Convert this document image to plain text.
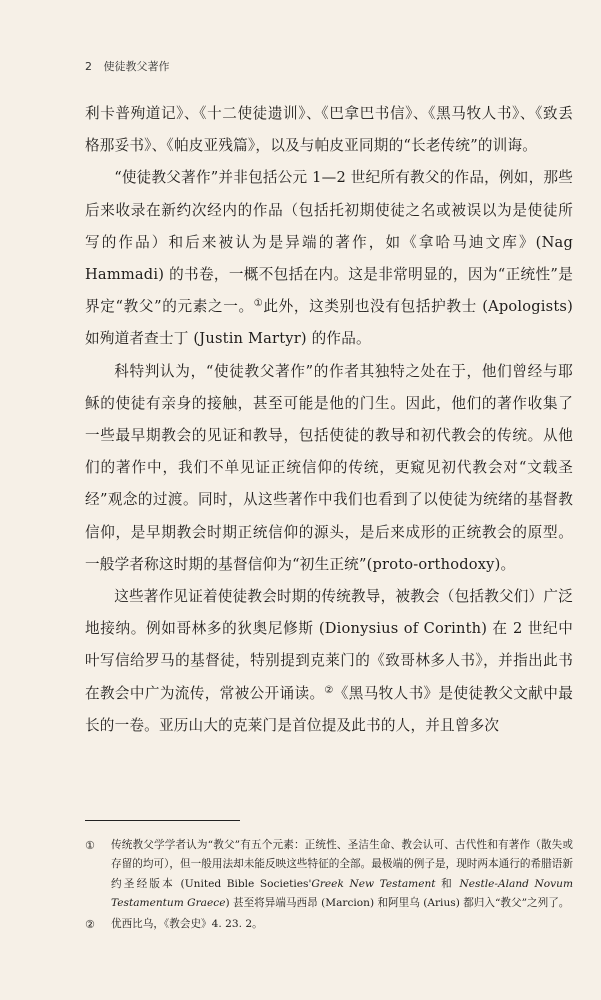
2 使徒教父著作

利卡普殉道记》、《十二使徒遗训》、《巴拿巴书信》、《黑马牧人书》、《致丢格那妥书》、《帕皮亚残篇》，以及与帕皮亚同期的“长老传统”的训诲。

“使徒教父著作”并非包括公元 1—2 世纪所有教父的作品，例如，那些后来收录在新约次经内的作品（包括托初期使徒之名或被误以为是使徒所写的作品）和后来被认为是异端的著作，如《拿哈马迪文库》(Nag Hammadi) 的书卷，一概不包括在内。这是非常明显的，因为“正统性”是界定“教父”的元素之一。①此外，这类别也没有包括护教士 (Apologists) 如殉道者查士丁 (Justin Martyr) 的作品。

科特判认为，“使徒教父著作”的作者其独特之处在于，他们曾经与耶稣的使徒有亲身的接触，甚至可能是他的门生。因此，他们的著作收集了一些最早期教会的见证和教导，包括使徒的教导和初代教会的传统。从他们的著作中，我们不单见证正统信仰的传统，更窥见初代教会对“文载圣经”观念的过渡。同时，从这些著作中我们也看到了以使徒为统绪的基督教信仰，是早期教会时期正统信仰的源头，是后来成形的正统教会的原型。一般学者称这时期的基督信仰为“初生正统”(proto-orthodoxy)。

这些著作见证着使徒教会时期的传统教导，被教会（包括教父们）广泛地接纳。例如哥林多的狄奥尼修斯 (Dionysius of Corinth) 在 2 世纪中叶写信给罗马的基督徒，特别提到克莱门的《致哥林多人书》，并指出此书在教会中广为流传，常被公开诵读。②《黑马牧人书》是使徒教父文献中最长的一卷。亚历山大的克莱门是首位提及此书的人，并且曾多次

①	传统教父学学者认为“教父”有五个元素：正统性、圣洁生命、教会认可、古代性和有著作（散失或存留的均可），但一般用法却未能反映这些特征的全部。最极端的例子是，现时两本通行的希腊语新约圣经版本 (United Bible Societies'Greek New Testament 和 Nestle-Aland Novum Testamentum Graece) 甚至将异端马西昂 (Marcion) 和阿里乌 (Arius) 都归入“教父”之列了。
②	优西比乌，《教会史》4. 23. 2。
